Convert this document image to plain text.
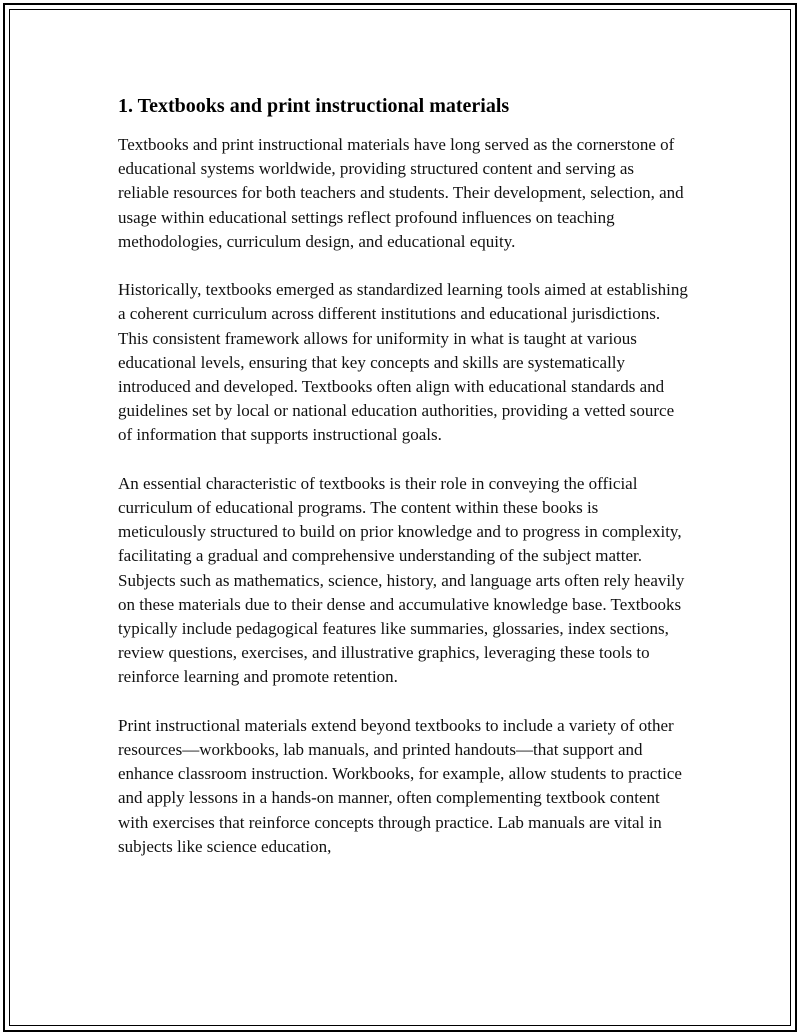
1. Textbooks and print instructional materials

Textbooks and print instructional materials have long served as the cornerstone of educational systems worldwide, providing structured content and serving as reliable resources for both teachers and students. Their development, selection, and usage within educational settings reflect profound influences on teaching methodologies, curriculum design, and educational equity.

Historically, textbooks emerged as standardized learning tools aimed at establishing a coherent curriculum across different institutions and educational jurisdictions. This consistent framework allows for uniformity in what is taught at various educational levels, ensuring that key concepts and skills are systematically introduced and developed. Textbooks often align with educational standards and guidelines set by local or national education authorities, providing a vetted source of information that supports instructional goals.

An essential characteristic of textbooks is their role in conveying the official curriculum of educational programs. The content within these books is meticulously structured to build on prior knowledge and to progress in complexity, facilitating a gradual and comprehensive understanding of the subject matter. Subjects such as mathematics, science, history, and language arts often rely heavily on these materials due to their dense and accumulative knowledge base. Textbooks typically include pedagogical features like summaries, glossaries, index sections, review questions, exercises, and illustrative graphics, leveraging these tools to reinforce learning and promote retention.

Print instructional materials extend beyond textbooks to include a variety of other resources—workbooks, lab manuals, and printed handouts—that support and enhance classroom instruction. Workbooks, for example, allow students to practice and apply lessons in a hands-on manner, often complementing textbook content with exercises that reinforce concepts through practice. Lab manuals are vital in subjects like science education,
